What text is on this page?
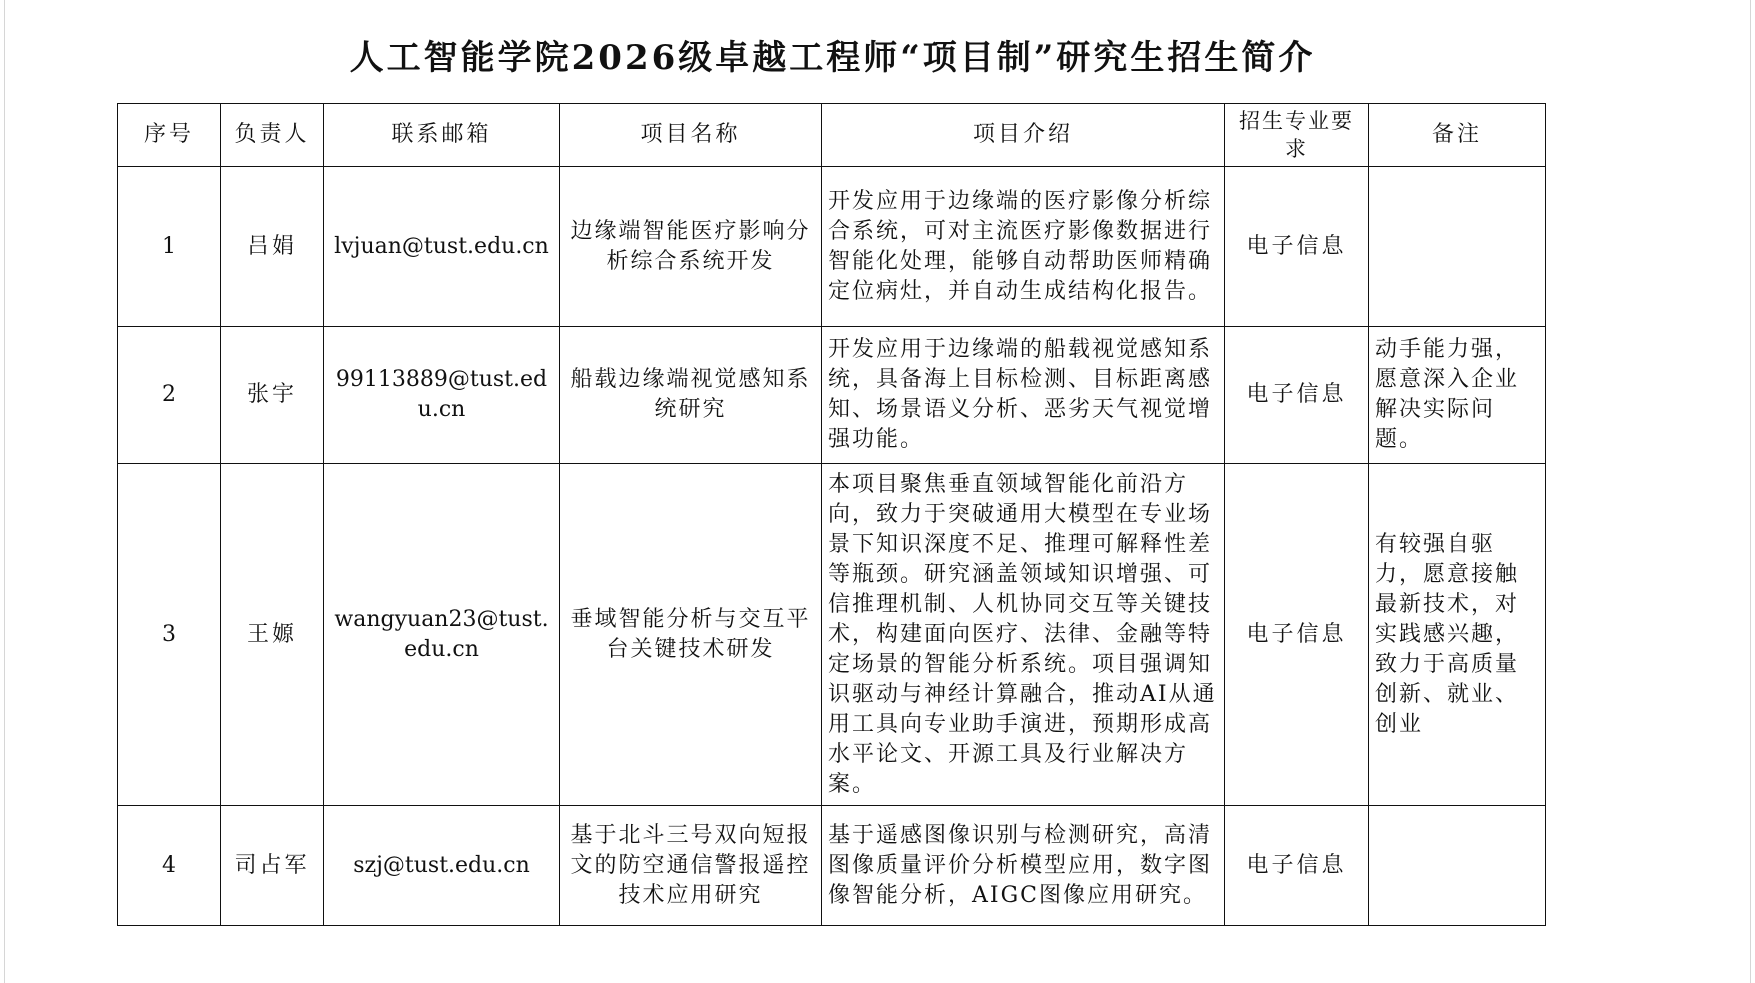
人工智能学院2026级卓越工程师“项目制”研究生招生简介
序号	负责人	联系邮箱	项目名称	项目介绍	招生专业要求	备注
1	吕娟	lvjuan@tust.edu.cn	边缘端智能医疗影响分析综合系统开发	开发应用于边缘端的医疗影像分析综合系统，可对主流医疗影像数据进行智能化处理，能够自动帮助医师精确定位病灶，并自动生成结构化报告。	电子信息	
2	张宇	99113889@tust.edu.cn	船载边缘端视觉感知系统研究	开发应用于边缘端的船载视觉感知系统，具备海上目标检测、目标距离感知、场景语义分析、恶劣天气视觉增强功能。	电子信息	动手能力强，愿意深入企业解决实际问题。
3	王嫄	wangyuan23@tust.edu.cn	垂域智能分析与交互平台关键技术研发	本项目聚焦垂直领域智能化前沿方向，致力于突破通用大模型在专业场景下知识深度不足、推理可解释性差等瓶颈。研究涵盖领域知识增强、可信推理机制、人机协同交互等关键技术，构建面向医疗、法律、金融等特定场景的智能分析系统。项目强调知识驱动与神经计算融合，推动AI从通用工具向专业助手演进，预期形成高水平论文、开源工具及行业解决方案。	电子信息	有较强自驱力，愿意接触最新技术，对实践感兴趣，致力于高质量创新、就业、创业
4	司占军	szj@tust.edu.cn	基于北斗三号双向短报文的防空通信警报遥控技术应用研究	基于遥感图像识别与检测研究，高清图像质量评价分析模型应用，数字图像智能分析，AIGC图像应用研究。	电子信息	
